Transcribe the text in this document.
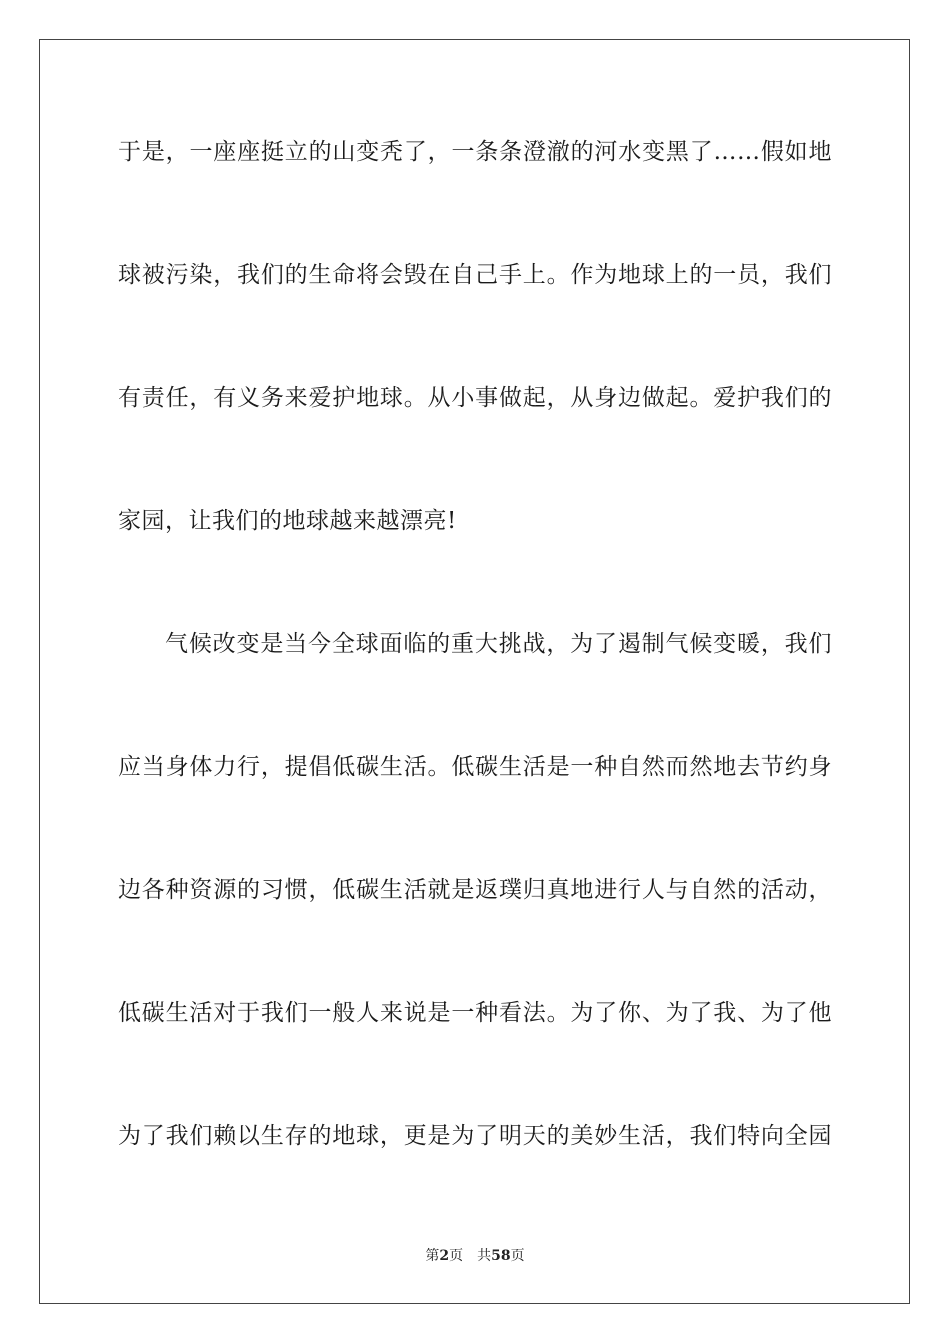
于是，一座座挺立的山变秃了，一条条澄澈的河水变黑了……假如地
球被污染，我们的生命将会毁在自己手上。作为地球上的一员，我们
有责任，有义务来爱护地球。从小事做起，从身边做起。爱护我们的
家园，让我们的地球越来越漂亮!
气候改变是当今全球面临的重大挑战，为了遏制气候变暖，我们
应当身体力行，提倡低碳生活。低碳生活是一种自然而然地去节约身
边各种资源的习惯，低碳生活就是返璞归真地进行人与自然的活动，
低碳生活对于我们一般人来说是一种看法。为了你、为了我、为了他
为了我们赖以生存的地球，更是为了明天的美妙生活，我们特向全园
第2页 共58页
